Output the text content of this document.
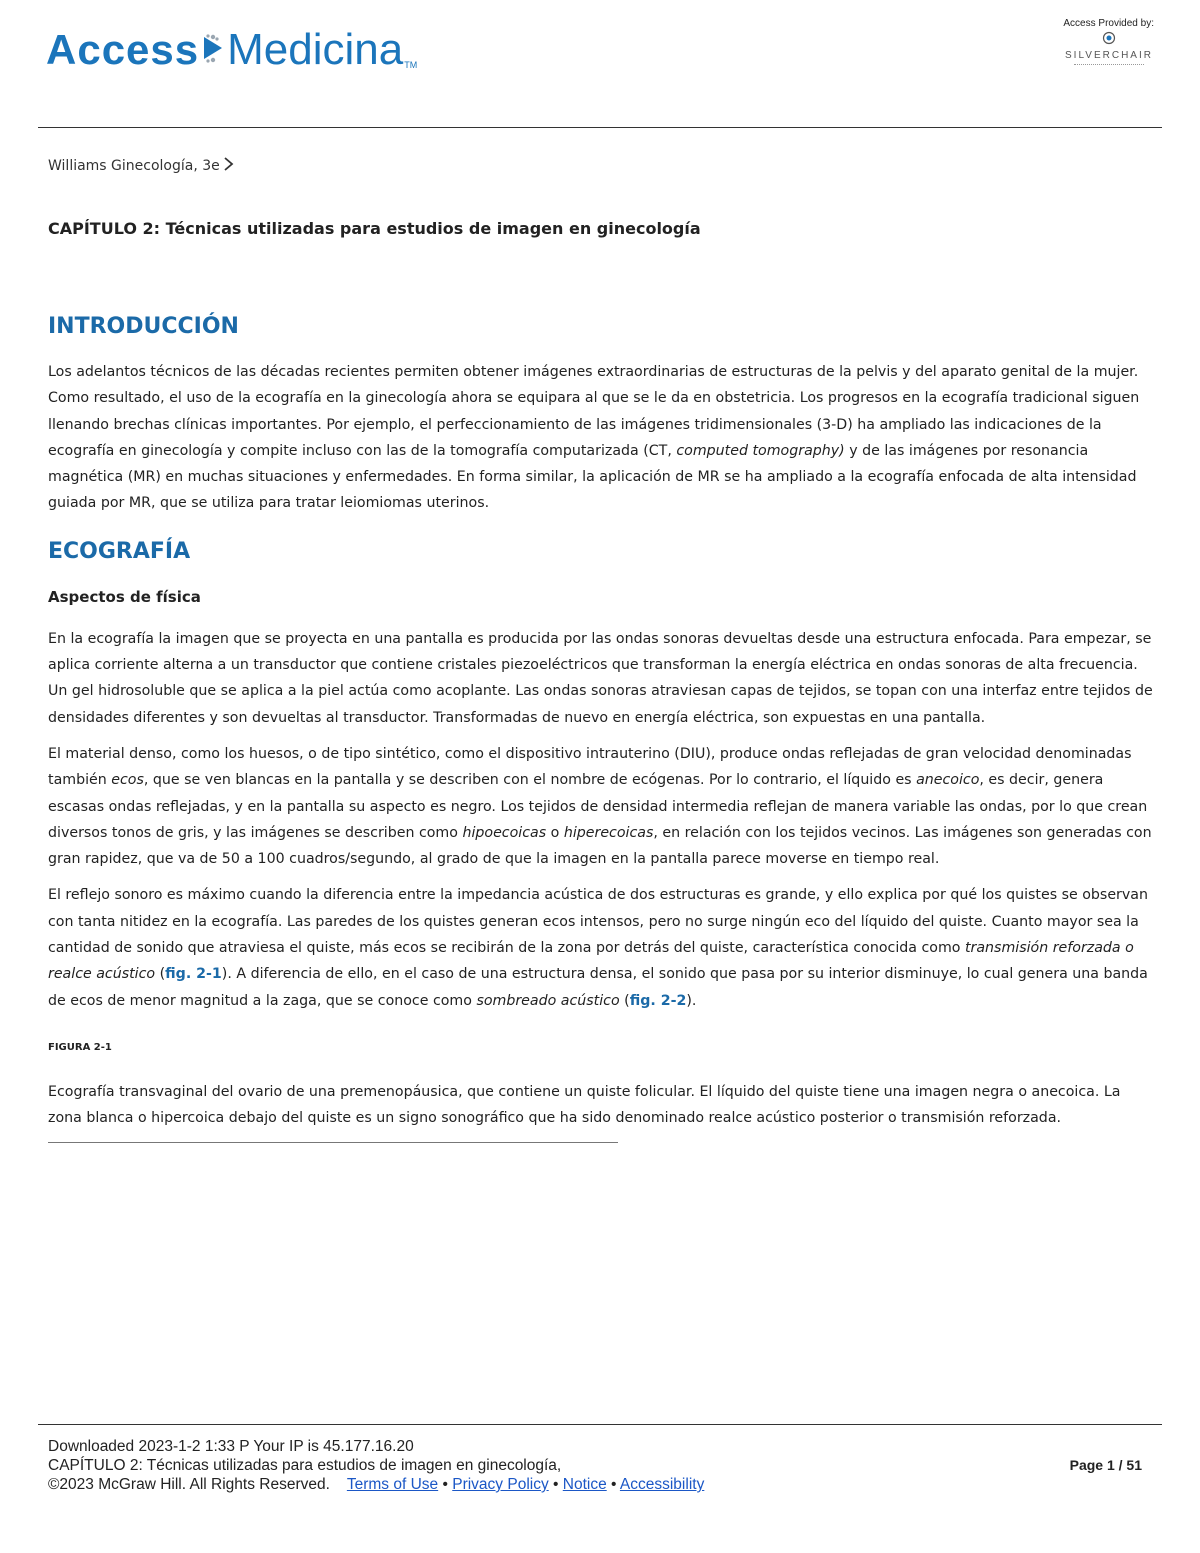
Access Medicina TM
Access Provided by:
SILVERCHAIR
Williams Ginecología, 3e
CAPÍTULO 2: Técnicas utilizadas para estudios de imagen en ginecología
INTRODUCCIÓN

Los adelantos técnicos de las décadas recientes permiten obtener imágenes extraordinarias de estructuras de la pelvis y del aparato genital de la mujer. Como resultado, el uso de la ecografía en la ginecología ahora se equipara al que se le da en obstetricia. Los progresos en la ecografía tradicional siguen llenando brechas clínicas importantes. Por ejemplo, el perfeccionamiento de las imágenes tridimensionales (3-D) ha ampliado las indicaciones de la ecografía en ginecología y compite incluso con las de la tomografía computarizada (CT, computed tomography) y de las imágenes por resonancia magnética (MR) en muchas situaciones y enfermedades. En forma similar, la aplicación de MR se ha ampliado a la ecografía enfocada de alta intensidad guiada por MR, que se utiliza para tratar leiomiomas uterinos.

ECOGRAFÍA
Aspectos de física

En la ecografía la imagen que se proyecta en una pantalla es producida por las ondas sonoras devueltas desde una estructura enfocada. Para empezar, se aplica corriente alterna a un transductor que contiene cristales piezoeléctricos que transforman la energía eléctrica en ondas sonoras de alta frecuencia. Un gel hidrosoluble que se aplica a la piel actúa como acoplante. Las ondas sonoras atraviesan capas de tejidos, se topan con una interfaz entre tejidos de densidades diferentes y son devueltas al transductor. Transformadas de nuevo en energía eléctrica, son expuestas en una pantalla.

El material denso, como los huesos, o de tipo sintético, como el dispositivo intrauterino (DIU), produce ondas reflejadas de gran velocidad denominadas también ecos, que se ven blancas en la pantalla y se describen con el nombre de ecógenas. Por lo contrario, el líquido es anecoico, es decir, genera escasas ondas reflejadas, y en la pantalla su aspecto es negro. Los tejidos de densidad intermedia reflejan de manera variable las ondas, por lo que crean diversos tonos de gris, y las imágenes se describen como hipoecoicas o hiperecoicas, en relación con los tejidos vecinos. Las imágenes son generadas con gran rapidez, que va de 50 a 100 cuadros/segundo, al grado de que la imagen en la pantalla parece moverse en tiempo real.

El reflejo sonoro es máximo cuando la diferencia entre la impedancia acústica de dos estructuras es grande, y ello explica por qué los quistes se observan con tanta nitidez en la ecografía. Las paredes de los quistes generan ecos intensos, pero no surge ningún eco del líquido del quiste. Cuanto mayor sea la cantidad de sonido que atraviesa el quiste, más ecos se recibirán de la zona por detrás del quiste, característica conocida como transmisión reforzada o realce acústico (fig. 2-1). A diferencia de ello, en el caso de una estructura densa, el sonido que pasa por su interior disminuye, lo cual genera una banda de ecos de menor magnitud a la zaga, que se conoce como sombreado acústico (fig. 2-2).

FIGURA 2-1

Ecografía transvaginal del ovario de una premenopáusica, que contiene un quiste folicular. El líquido del quiste tiene una imagen negra o anecoica. La zona blanca o hipercoica debajo del quiste es un signo sonográfico que ha sido denominado realce acústico posterior o transmisión reforzada.

Downloaded 2023-1-2 1:33 P Your IP is 45.177.16.20
CAPÍTULO 2: Técnicas utilizadas para estudios de imagen en ginecología,
©2023 McGraw Hill. All Rights Reserved. Terms of Use • Privacy Policy • Notice • Accessibility
Page 1 / 51
